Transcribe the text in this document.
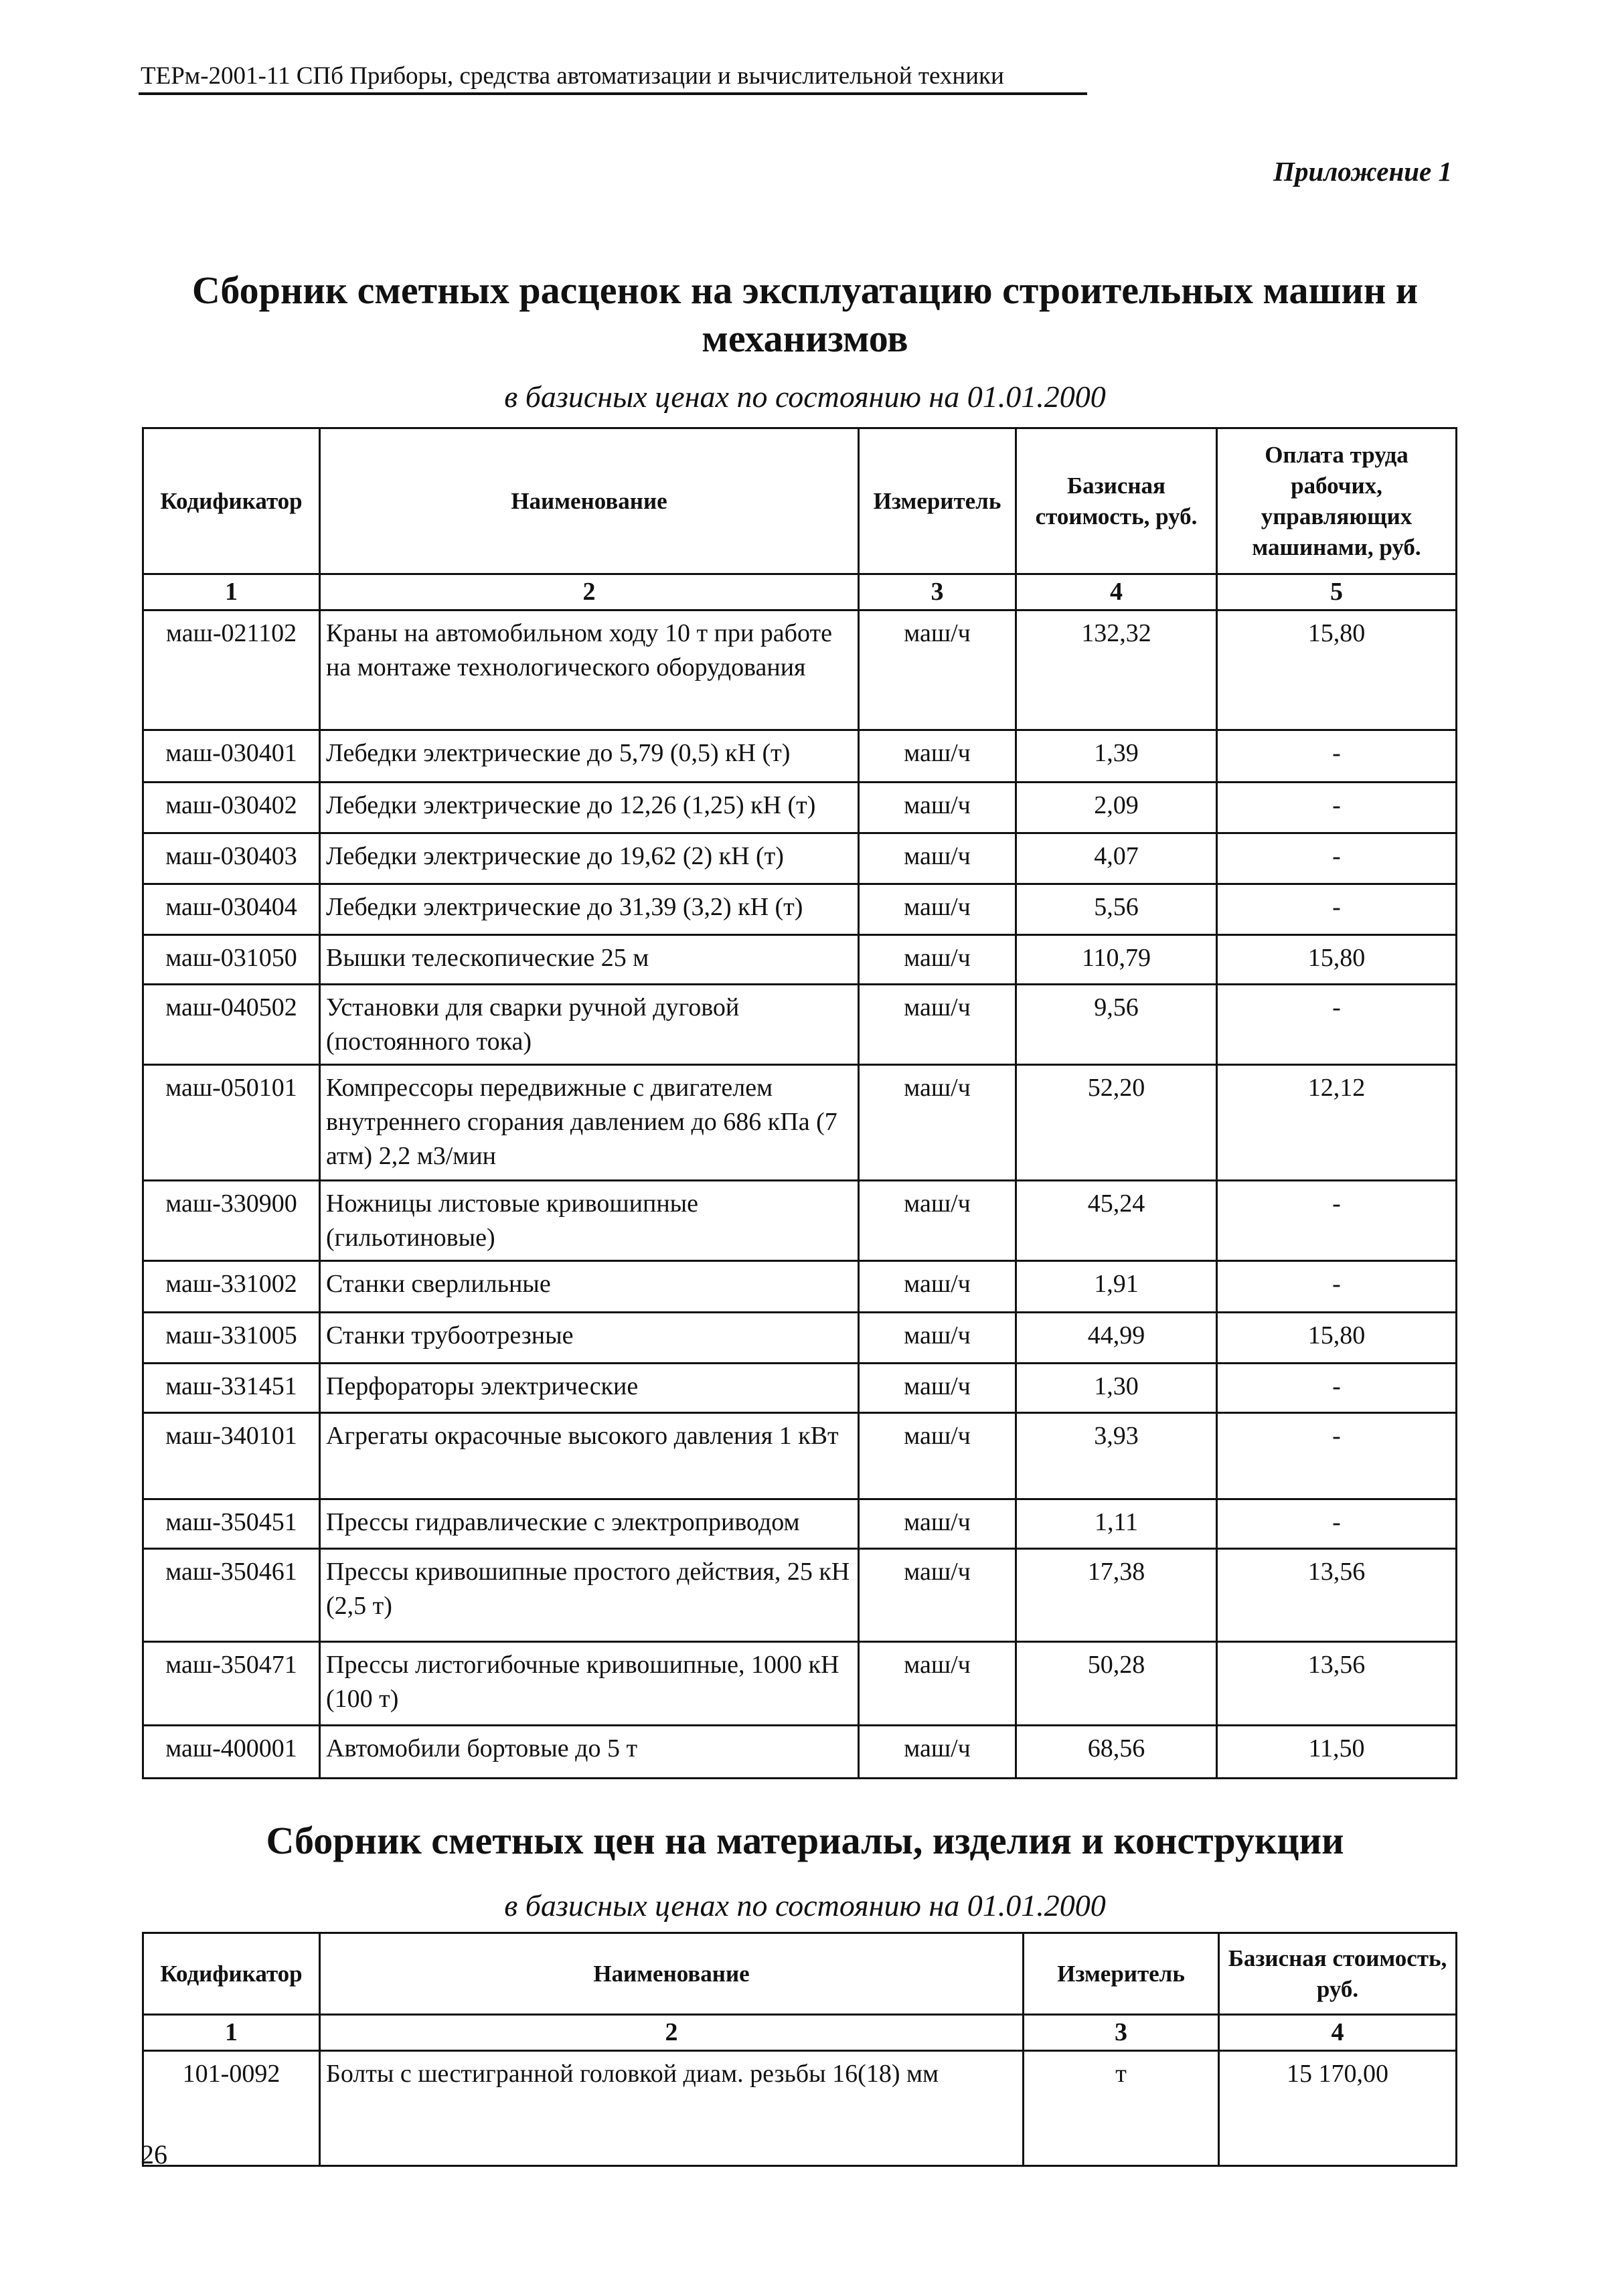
ТЕРм-2001-11 СПб Приборы, средства автоматизации и вычислительной техники
Приложение 1
Сборник сметных расценок на эксплуатацию строительных машин и
механизмов
в базисных ценах по состоянию на 01.01.2000
Кодификатор	Наименование	Измеритель	Базисная стоимость, руб.	Оплата труда рабочих, управляющих машинами, руб.
1	2	3	4	5
маш-021102	Краны на автомобильном ходу 10 т при работе на монтаже технологического оборудования	маш/ч	132,32	15,80
маш-030401	Лебедки электрические до 5,79 (0,5) кН (т)	маш/ч	1,39	-
маш-030402	Лебедки электрические до 12,26 (1,25) кН (т)	маш/ч	2,09	-
маш-030403	Лебедки электрические до 19,62 (2) кН (т)	маш/ч	4,07	-
маш-030404	Лебедки электрические до 31,39 (3,2) кН (т)	маш/ч	5,56	-
маш-031050	Вышки телескопические 25 м	маш/ч	110,79	15,80
маш-040502	Установки для сварки ручной дуговой (постоянного тока)	маш/ч	9,56	-
маш-050101	Компрессоры передвижные с двигателем внутреннего сгорания давлением до 686 кПа (7 атм) 2,2 м3/мин	маш/ч	52,20	12,12
маш-330900	Ножницы листовые кривошипные (гильотиновые)	маш/ч	45,24	-
маш-331002	Станки сверлильные	маш/ч	1,91	-
маш-331005	Станки трубоотрезные	маш/ч	44,99	15,80
маш-331451	Перфораторы электрические	маш/ч	1,30	-
маш-340101	Агрегаты окрасочные высокого давления 1 кВт	маш/ч	3,93	-
маш-350451	Прессы гидравлические с электроприводом	маш/ч	1,11	-
маш-350461	Прессы кривошипные простого действия, 25 кН (2,5 т)	маш/ч	17,38	13,56
маш-350471	Прессы листогибочные кривошипные, 1000 кН (100 т)	маш/ч	50,28	13,56
маш-400001	Автомобили бортовые до 5 т	маш/ч	68,56	11,50
Сборник сметных цен на материалы, изделия и конструкции
в базисных ценах по состоянию на 01.01.2000
Кодификатор	Наименование	Измеритель	Базисная стоимость, руб.
1	2	3	4
101-0092	Болты с шестигранной головкой диам. резьбы 16(18) мм	т	15 170,00
26
